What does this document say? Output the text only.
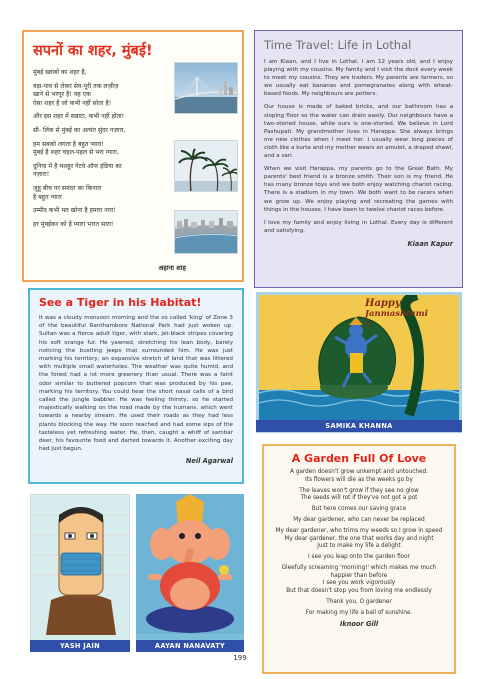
सपनों का शहर, मुंबई!
मुंबई ख्वाबों का शहर है,
वड़ा-पाव से लेकर सेव-पूरी तक लज़ीज़
खाने से भरपूर है! यह एक
ऐसा शहर है जो कभी नहीं सोता है!
और इस शहर में सन्नाटा, कभी नहीं होता!
सी- लिंक से मुंबई का अत्यंत सुंदर नज़ारा,
हम सबको लगता है बहुत प्यारा!
मुंबई है शहर चहल-पहल से भरा न्यारा,
दुनिया में है मशहूर गेटवे ऑफ इंडिया का
नज़ारा!
जुहू बीच पर समंदर का किनारा
है बहुत न्यारा
उम्मीद कभी मत खोना है हमारा नारा!
हर मुंबईकर को है प्यारा भारत सारा!
अहाना शाह
Time Travel: Life in Lothal

I am Kiaan, and I live in Lothal. I am 12 years old, and I enjoy playing with my cousins. My family and I visit the dock every week to meet my cousins. They are traders. My parents are farmers, so we usually eat bananas and pomegranates along with wheat-based foods. My neighbours are potters.

Our house is made of baked bricks, and our bathroom has a sloping floor so the water can drain easily. Our neighbours have a two-storied house, while ours is one-storied. We believe in Lord Pashupati. My grandmother lives in Harappa. She always brings me new clothes when I meet her. I usually wear long pieces of cloth like a kurta and my mother wears an amulet, a draped shawl, and a sari.

When we visit Harappa, my parents go to the Great Bath. My parents' best friend is a bronze smith. Their son is my friend. He has many bronze toys and we both enjoy watching chariot racing. There is a stadium in my town. We both want to be racers when we grow up. We enjoy playing and recreating the games with things in the houses. I have been to twelve chariot races before.

I love my family and enjoy living in Lothal. Every day is different and satisfying.

Kiaan Kapur
See a Tiger in his Habitat!

It was a cloudy monsoon morning and the so called 'king' of Zone 3 of the beautiful Ranthambore National Park had just woken up. Sultan was a fierce adult tiger, with stark, jet-black stripes covering his soft orange fur. He yawned, stretching his lean body, barely noticing the bustling jeeps that surrounded him. He was just marking his territory, an expansive stretch of land that was littered with multiple small waterholes. The weather was quite humid, and the forest had a lot more greenery than usual. There was a faint odor similar to buttered popcorn that was produced by his pee, marking his territory. You could hear the short nasal calls of a bird called the jungle babbler. He was feeling thirsty, so he started majestically walking on the road made by the humans, which went towards a nearby stream. He used their roads as they had less plants blocking the way. He soon reached and had some sips of the tasteless yet refreshing water. He, then, caught a whiff of sambar deer, his favourite food and darted towards it. Another exciting day had just begun.

Neil Agarwal
Happy
Janmashtami
!!
SAMIKA KHANNA
A Garden Full Of Love
A garden doesn't grow unkempt and untouched.
Its flowers will die as the weeks go by
The leaves won't grow if they see no glow
The seeds will rot if they've not got a pot
But here comes our saving grace
My dear gardener, who can never be replaced
My dear gardener, who trims my weeds so I grow in speed
My dear gardener, the one that works day and night
Just to make my life a delight
I see you leap onto the garden floor
Gleefully screaming 'morning!' which makes me much
happier than before
I see you work vigorously
But that doesn't stop you from loving me endlessly
Thank you, O gardener
For making my life a ball of sunshine.
Iknoor Gill
YASH JAIN	AAYAN NANAVATY
199
